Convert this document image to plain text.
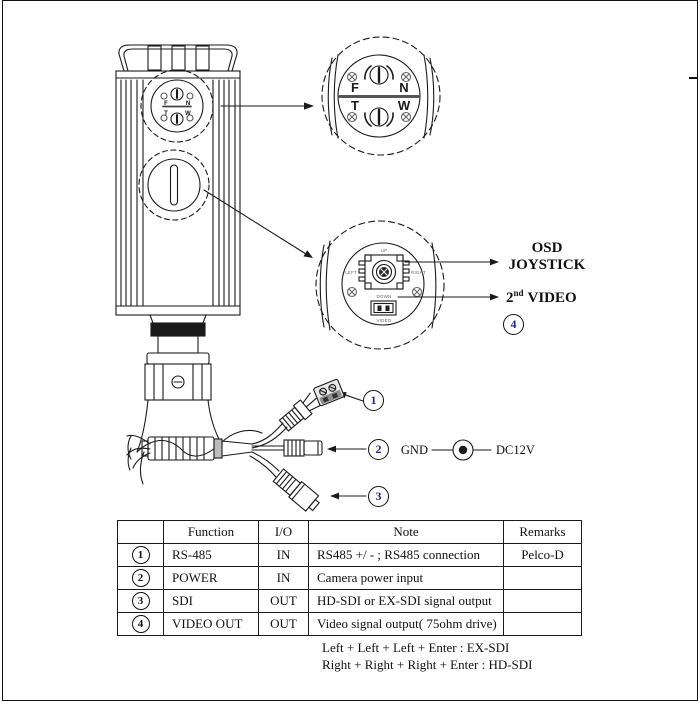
F	N
T	W
F	N
T	W
UP
LEFT	RIGHT
DOWN
VIDEO
GND	DC12V
OSD
JOYSTICK
2nd VIDEO
1
2
3
4
	Function	I/O	Note	Remarks
1	RS-485	IN	RS485 +/ - ; RS485 connection	Pelco-D
2	POWER	IN	Camera power input	
3	SDI	OUT	HD-SDI or EX-SDI signal output	
4	VIDEO OUT	OUT	Video signal output( 75ohm drive)	
Left + Left + Left + Enter : EX-SDI
Right + Right + Right + Enter : HD-SDI
